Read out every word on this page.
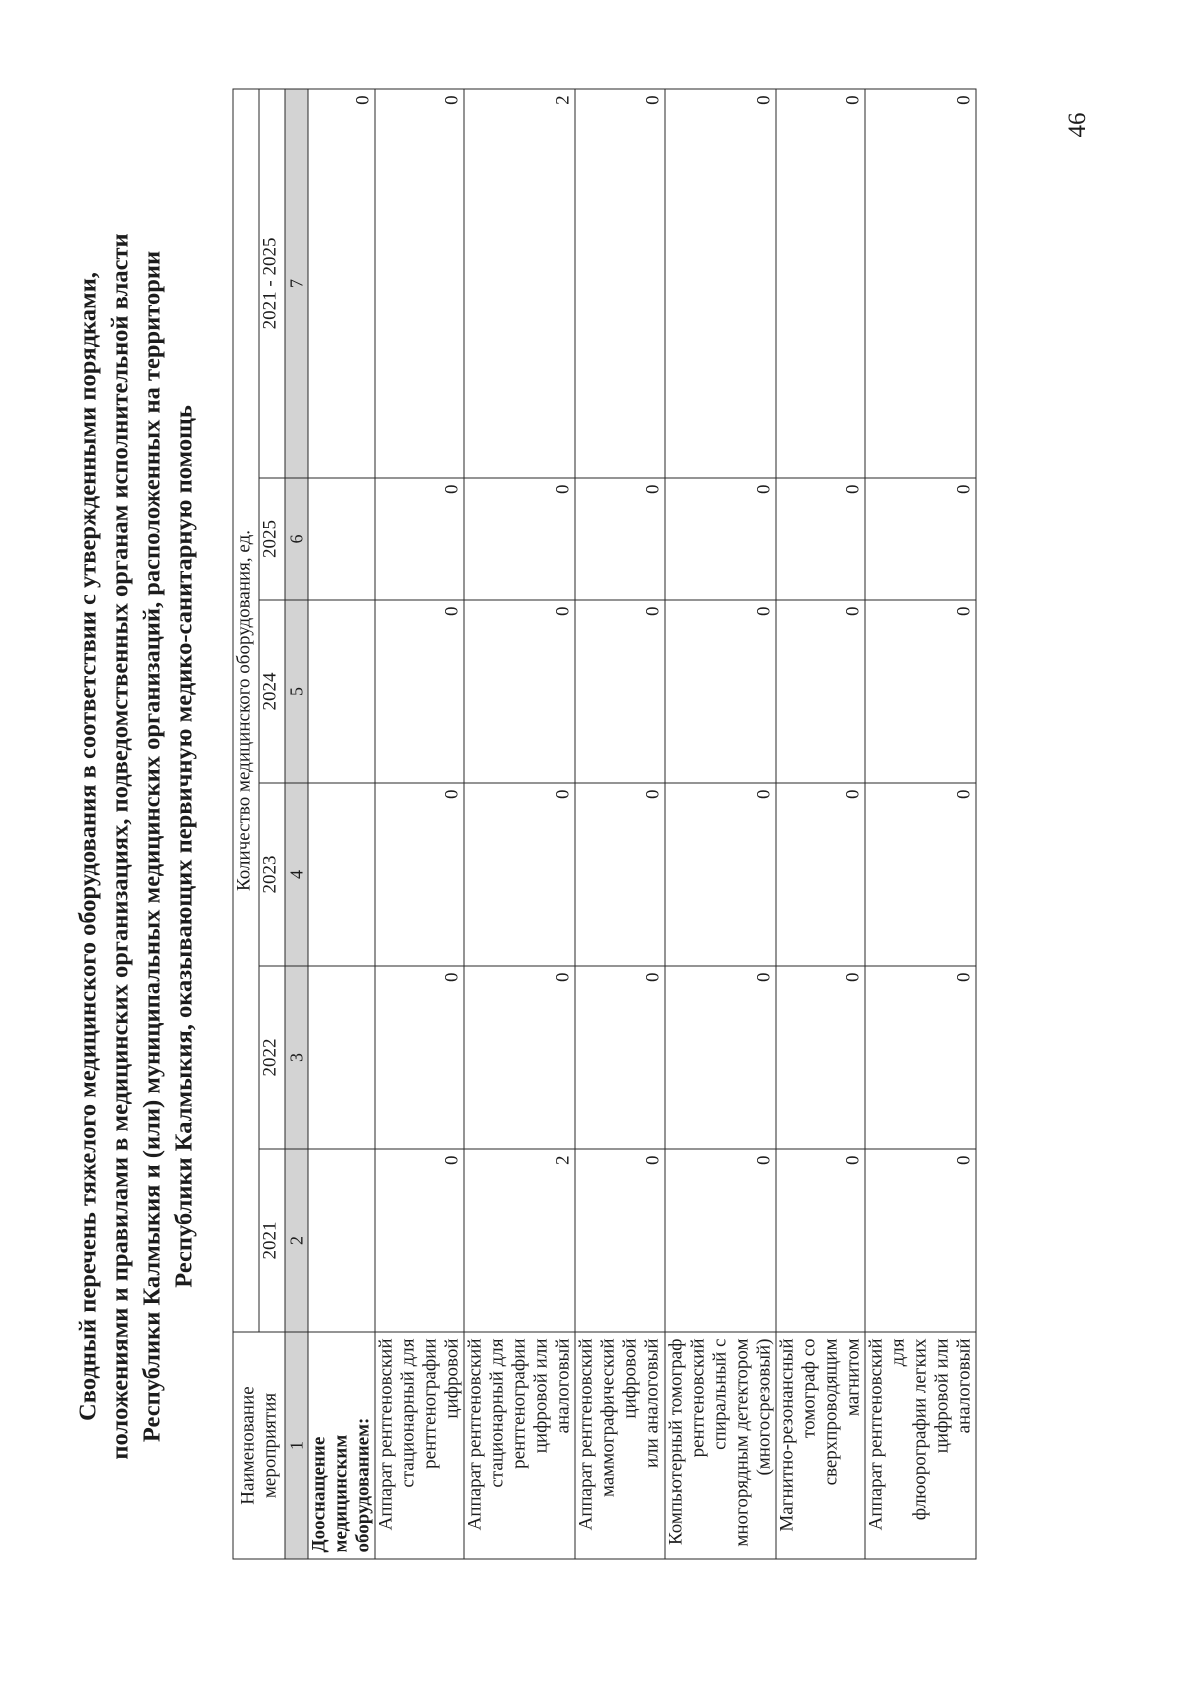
46
Сводный перечень тяжелого медицинского оборудования в соответствии с утвержденными порядками, положениями и правилами в медицинских организациях, подведомственных органам исполнительной власти Республики Калмыкия и (или) муниципальных медицинских организаций, расположенных на территории Республики Калмыкия, оказывающих первичную медико-санитарную помощь
Наименование мероприятия	Количество медицинского оборудования, ед.					
	2021	2022	2023	2024	2025	2021 - 2025
1	2	3	4	5	6	7
Дооснащение медицинским оборудованием:						0

Аппарат рентгеновский стационарный для рентгенографии цифровой	0	0	0	0	0	0

Аппарат рентгеновский стационарный для рентгенографии цифровой или аналоговый	2	0	0	0	0	2

Аппарат рентгеновский маммографический цифровой или аналоговый	0	0	0	0	0	0

Компьютерный томограф рентгеновский спиральный с многорядным детектором (многосрезовый)	0	0	0	0	0	0

Магнитно-резонансный томограф со сверхпроводящим магнитом	0	0	0	0	0	0

Аппарат рентгеновский для флюорографии легких цифровой или аналоговый	0	0	0	0	0	0
